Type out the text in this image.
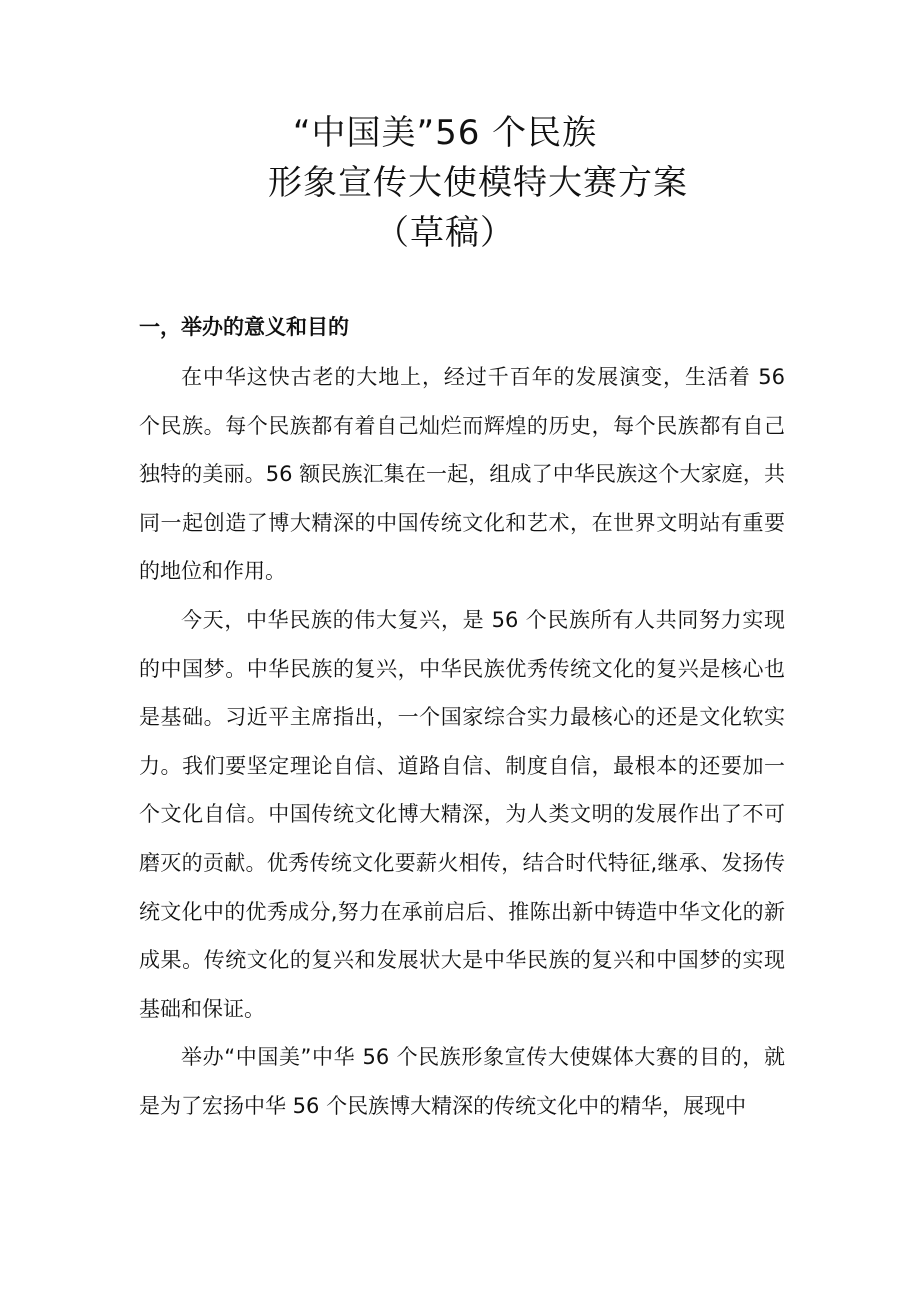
“中国美”56 个民族
形象宣传大使模特大赛方案
（草稿）
一，举办的意义和目的

在中华这快古老的大地上，经过千百年的发展演变，生活着 56 个民族。每个民族都有着自己灿烂而辉煌的历史，每个民族都有自己独特的美丽。56 额民族汇集在一起，组成了中华民族这个大家庭，共同一起创造了博大精深的中国传统文化和艺术，在世界文明站有重要的地位和作用。

今天，中华民族的伟大复兴，是 56 个民族所有人共同努力实现的中国梦。中华民族的复兴，中华民族优秀传统文化的复兴是核心也是基础。习近平主席指出，一个国家综合实力最核心的还是文化软实力。我们要坚定理论自信、道路自信、制度自信，最根本的还要加一个文化自信。中国传统文化博大精深，为人类文明的发展作出了不可磨灭的贡献。优秀传统文化要薪火相传，结合时代特征,继承、发扬传统文化中的优秀成分,努力在承前启后、推陈出新中铸造中华文化的新成果。传统文化的复兴和发展状大是中华民族的复兴和中国梦的实现基础和保证。

举办“中国美”中华 56 个民族形象宣传大使媒体大赛的目的，就是为了宏扬中华 56 个民族博大精深的传统文化中的精华，展现中
